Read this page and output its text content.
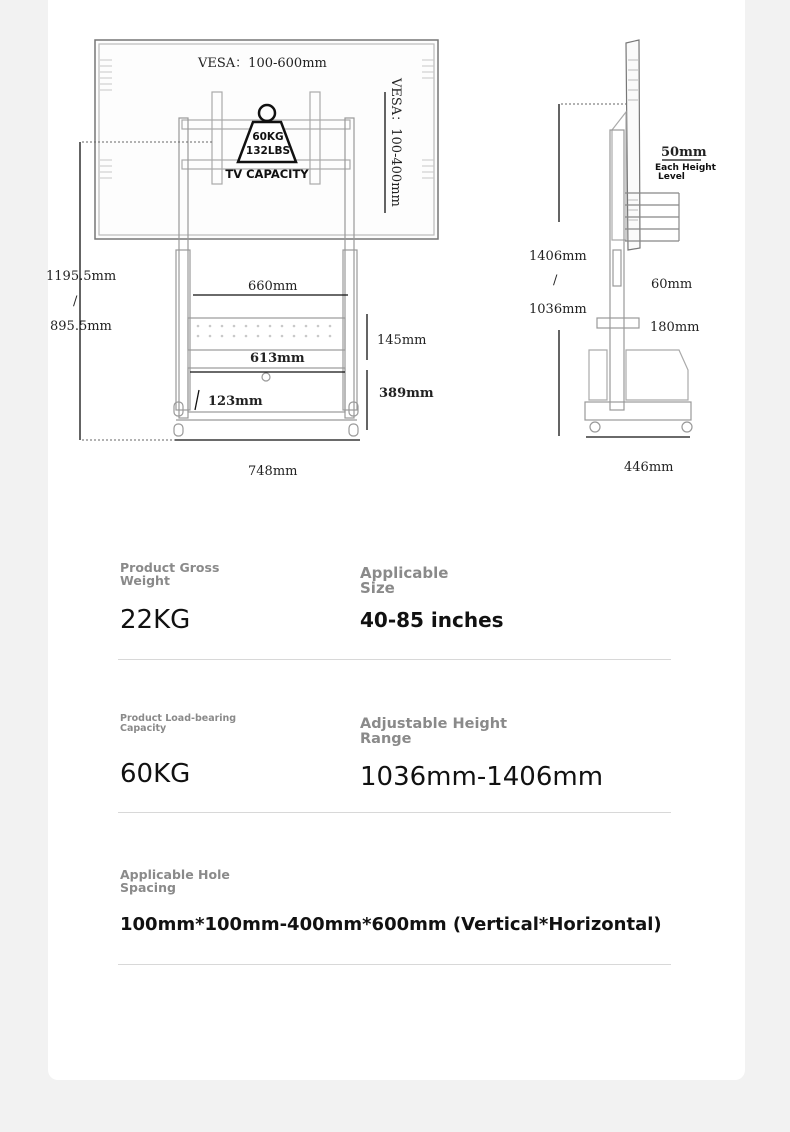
VESA：100-600mm
VESA：100-400mm
60KG
132LBS
TV CAPACITY
1195.5mm
/
895.5mm
660mm
145mm
613mm
123mm
389mm
748mm
50mm
Each Height
Level
1406mm
/
1036mm
60mm
180mm
446mm
Product Gross
Weight
22KG
Applicable
Size
40-85 inches
Product Load-bearing
Capacity
60KG
Adjustable Height
Range
1036mm-1406mm
Applicable Hole
Spacing
100mm*100mm-400mm*600mm (Vertical*Horizontal)
